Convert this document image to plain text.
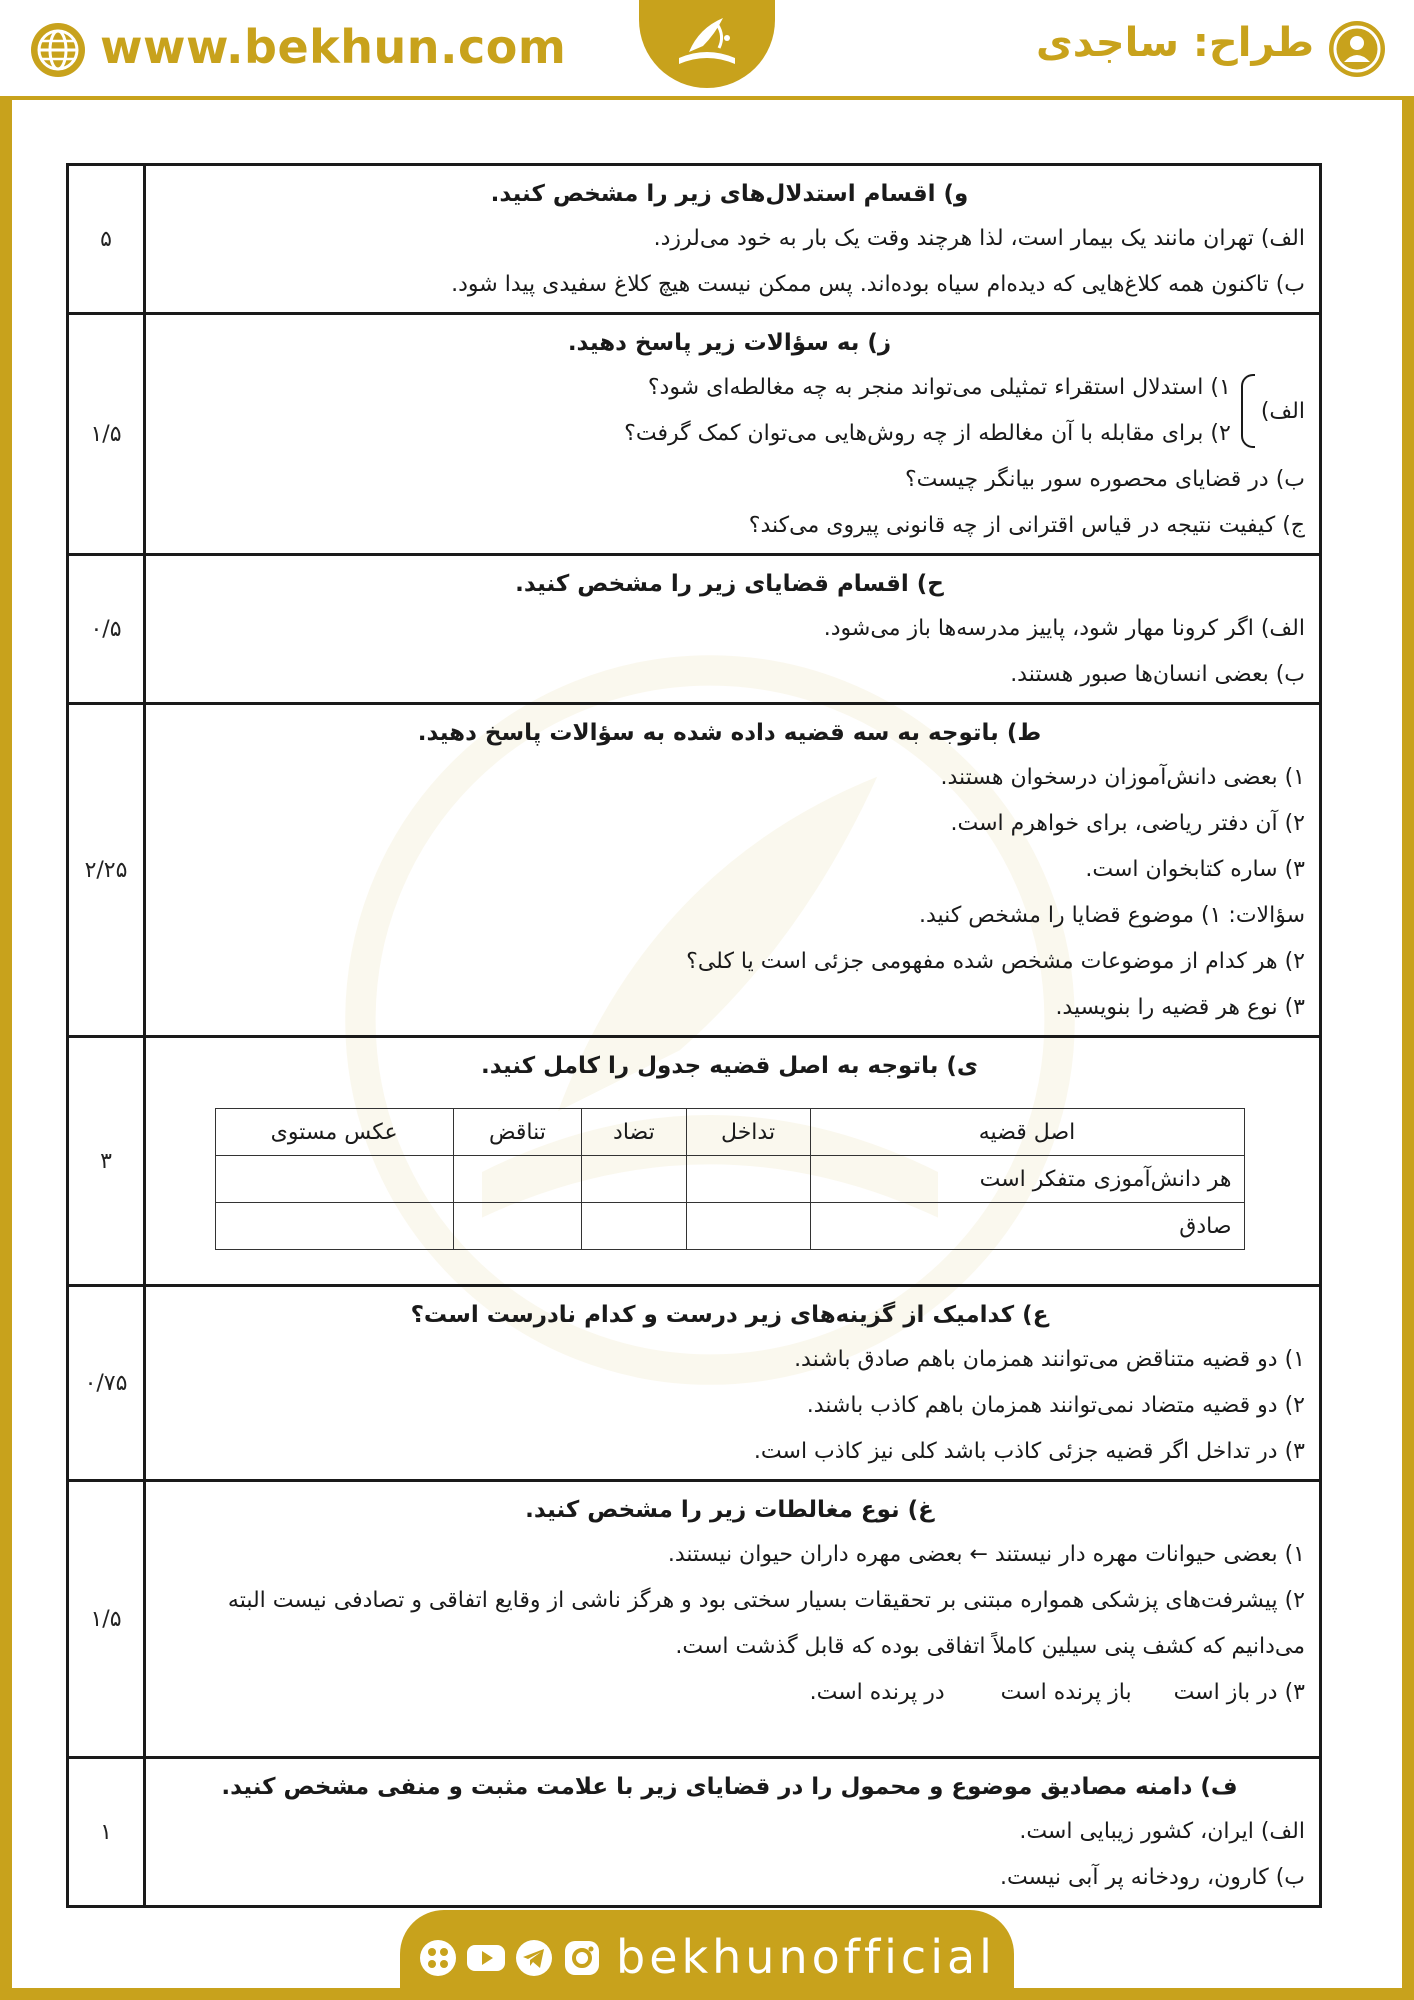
www.bekhun.com	طراح: ساجدی

و) اقسام استدلال‌های زیر را مشخص کنید.

الف) تهران مانند یک بیمار است، لذا هرچند وقت یک بار به خود می‌لرزد.

ب) تاکنون همه کلاغ‌هایی که دیده‌ام سیاه بوده‌اند. پس ممکن نیست هیچ کلاغ سفیدی پیدا شود.

	۵

ز) به سؤالات زیر پاسخ دهید.

الف)

۱) استدلال استقراء تمثیلی می‌تواند منجر به چه مغالطه‌ای شود؟

۲) برای مقابله با آن مغالطه از چه روش‌هایی می‌توان کمک گرفت؟

ب) در قضایای محصوره سور بیانگر چیست؟

ج) کیفیت نتیجه در قیاس اقترانی از چه قانونی پیروی می‌کند؟

	۱/۵

ح) اقسام قضایای زیر را مشخص کنید.

الف) اگر کرونا مهار شود، پاییز مدرسه‌ها باز می‌شود.

ب) بعضی انسان‌ها صبور هستند.

	۰/۵

ط) باتوجه به سه قضیه داده شده به سؤالات پاسخ دهید.

۱) بعضی دانش‌آموزان درسخوان هستند.

۲) آن دفتر ریاضی، برای خواهرم است.

۳) ساره کتابخوان است.

سؤالات: ۱) موضوع قضایا را مشخص کنید.

۲) هر کدام از موضوعات مشخص شده مفهومی جزئی است یا کلی؟

۳) نوع هر قضیه را بنویسید.

	۲/۲۵

ی) باتوجه به اصل قضیه جدول را کامل کنید.

اصل قضیه	تداخل	تضاد	تناقض	عکس مستوی
هر دانش‌آموزی متفکر است				
صادق				
	۳

ع) کدامیک از گزینه‌های زیر درست و کدام نادرست است؟

۱) دو قضیه متناقض می‌توانند همزمان باهم صادق باشند.

۲) دو قضیه متضاد نمی‌توانند همزمان باهم کاذب باشند.

۳) در تداخل اگر قضیه جزئی کاذب باشد کلی نیز کاذب است.

	۰/۷۵

غ) نوع مغالطات زیر را مشخص کنید.

۱) بعضی حیوانات مهره دار نیستند ← بعضی مهره داران حیوان نیستند.

۲) پیشرفت‌های پزشکی همواره مبتنی بر تحقیقات بسیار سختی بود و هرگز ناشی از وقایع اتفاقی و تصادفی نیست البته می‌دانیم که کشف پنی سیلین کاملاً اتفاقی بوده که قابل گذشت است.

۳) در باز است      باز پرنده است        در پرنده است.

	۱/۵

ف) دامنه مصادیق موضوع و محمول را در قضایای زیر با علامت مثبت و منفی مشخص کنید.

الف) ایران، کشور زیبایی است.

ب) کارون، رودخانه پر آبی نیست.

	۱
bekhunofficial
